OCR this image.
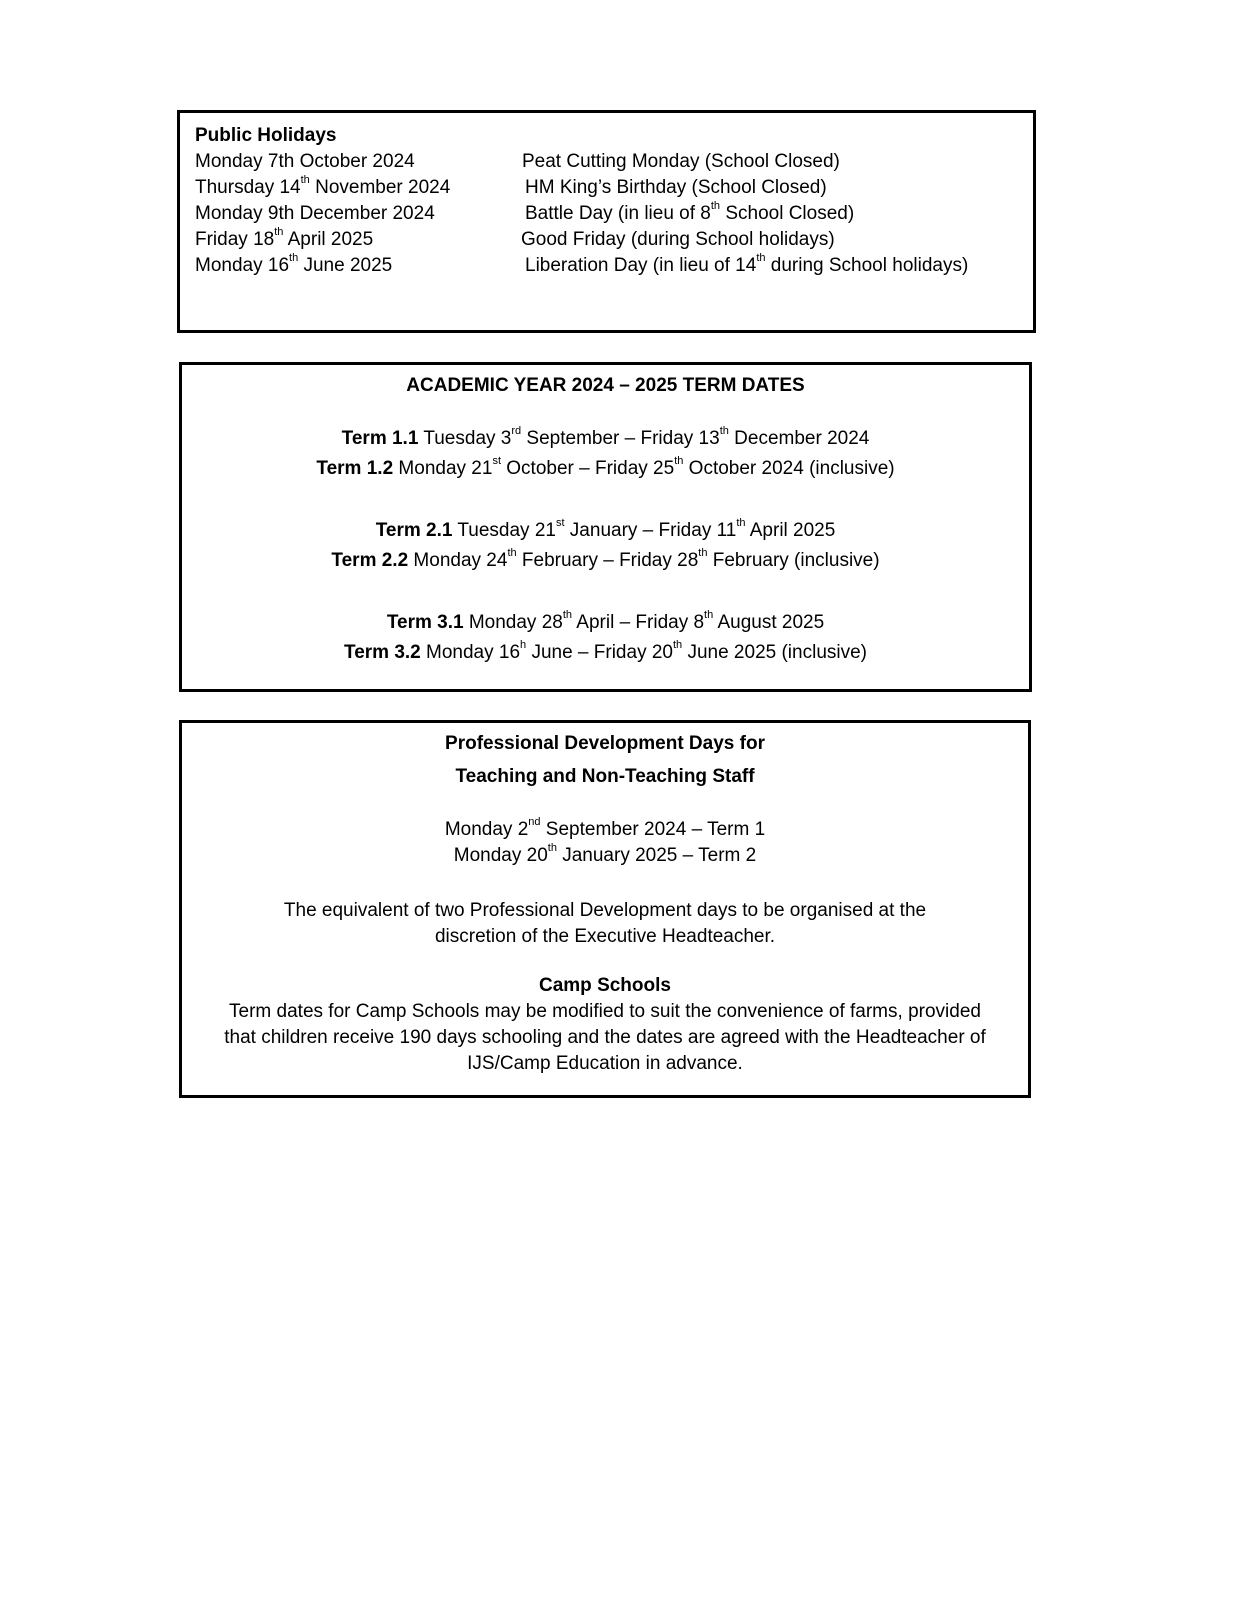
Public Holidays
Monday 7th October 2024	Peat Cutting Monday (School Closed)
Thursday 14th November 2024	HM King’s Birthday (School Closed)
Monday 9th December 2024	Battle Day (in lieu of 8th School Closed)
Friday 18th April 2025	Good Friday (during School holidays)
Monday 16th June 2025	Liberation Day (in lieu of 14th during School holidays)
ACADEMIC YEAR 2024 – 2025 TERM DATES
Term 1.1 Tuesday 3rd September – Friday 13th December 2024
Term 1.2 Monday 21st October – Friday 25th October 2024 (inclusive)
Term 2.1 Tuesday 21st January – Friday 11th April 2025
Term 2.2 Monday 24th February – Friday 28th February (inclusive)
Term 3.1 Monday 28th April – Friday 8th August 2025
Term 3.2 Monday 16$^h$ June – Friday 20th June 2025 (inclusive)
Professional Development Days for
Teaching and Non-Teaching Staff
Monday 2nd September 2024 – Term 1
Monday 20th January 2025 – Term 2
The equivalent of two Professional Development days to be organised at the discretion of the Executive Headteacher.
Camp Schools
Term dates for Camp Schools may be modified to suit the convenience of farms, provided that children receive 190 days schooling and the dates are agreed with the Headteacher of IJS/Camp Education in advance.
